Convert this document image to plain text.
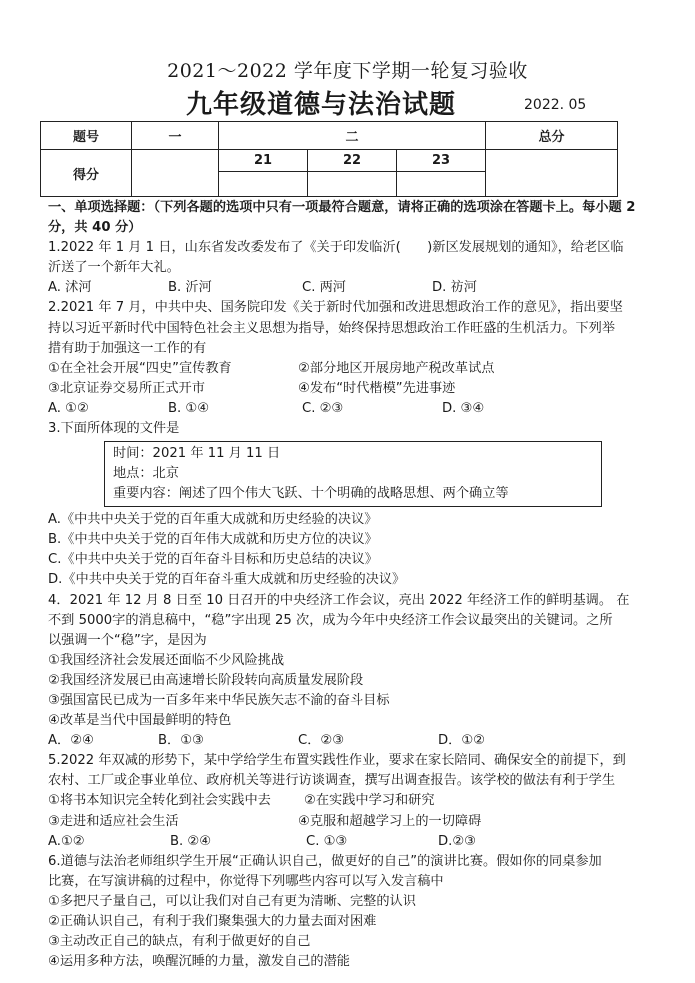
2021～2022 学年度下学期一轮复习验收
九年级道德与法治试题	2022. 05
题号	一	二			总分
得分		21	22	23	

一、单项选择题：（下列各题的选项中只有一项最符合题意，请将正确的选项涂在答题卡上。每小题 2分，共 40 分）
1.2022 年 1 月 1 日，山东省发改委发布了《关于印发临沂(　　)新区发展规划的通知》，给老区临
沂送了一个新年大礼。
A. 沭河	B. 沂河	C. 两河	D. 祊河
2.2021 年 7 月，中共中央、国务院印发《关于新时代加强和改进思想政治工作的意见》，指出要坚
持以习近平新时代中国特色社会主义思想为指导，始终保持思想政治工作旺盛的生机活力。下列举
措有助于加强这一工作的有
①在全社会开展“四史”宣传教育	②部分地区开展房地产税改革试点
③北京证券交易所正式开市	④发布“时代楷模”先进事迹
A. ①②	B. ①④	C. ②③	D. ③④
3.下面所体现的文件是
时间：2021 年 11 月 11 日
地点：北京
重要内容：阐述了四个伟大飞跃、十个明确的战略思想、两个确立等
A.《中共中央关于党的百年重大成就和历史经验的决议》
B.《中共中央关于党的百年伟大成就和历史方位的决议》
C.《中共中央关于党的百年奋斗目标和历史总结的决议》
D.《中共中央关于党的百年奋斗重大成就和历史经验的决议》
4．2021 年 12 月 8 日至 10 日召开的中央经济工作会议，亮出 2022 年经济工作的鲜明基调。 在
不到 5000字的消息稿中，“稳”字出现 25 次，成为今年中央经济工作会议最突出的关键词。之所
以强调一个“稳”字，是因为
①我国经济社会发展还面临不少风险挑战
②我国经济发展已由高速增长阶段转向高质量发展阶段
③强国富民已成为一百多年来中华民族矢志不渝的奋斗目标
④改革是当代中国最鲜明的特色
A．②④	B．①③	C．②③	D．①②
5.2022 年双减的形势下，某中学给学生布置实践性作业，要求在家长陪同、确保安全的前提下，到
农村、工厂或企事业单位、政府机关等进行访谈调查，撰写出调查报告。该学校的做法有利于学生
①将书本知识完全转化到社会实践中去	②在实践中学习和研究
③走进和适应社会生活	④克服和超越学习上的一切障碍
A.①②	B. ②④	C. ①③	D.②③
6.道德与法治老师组织学生开展“正确认识自己，做更好的自己”的演讲比赛。假如你的同桌参加
比赛，在写演讲稿的过程中，你觉得下列哪些内容可以写入发言稿中
①多把尺子量自己，可以让我们对自己有更为清晰、完整的认识
②正确认识自己，有利于我们聚集强大的力量去面对困难
③主动改正自己的缺点，有利于做更好的自己
④运用多种方法，唤醒沉睡的力量，激发自己的潜能
